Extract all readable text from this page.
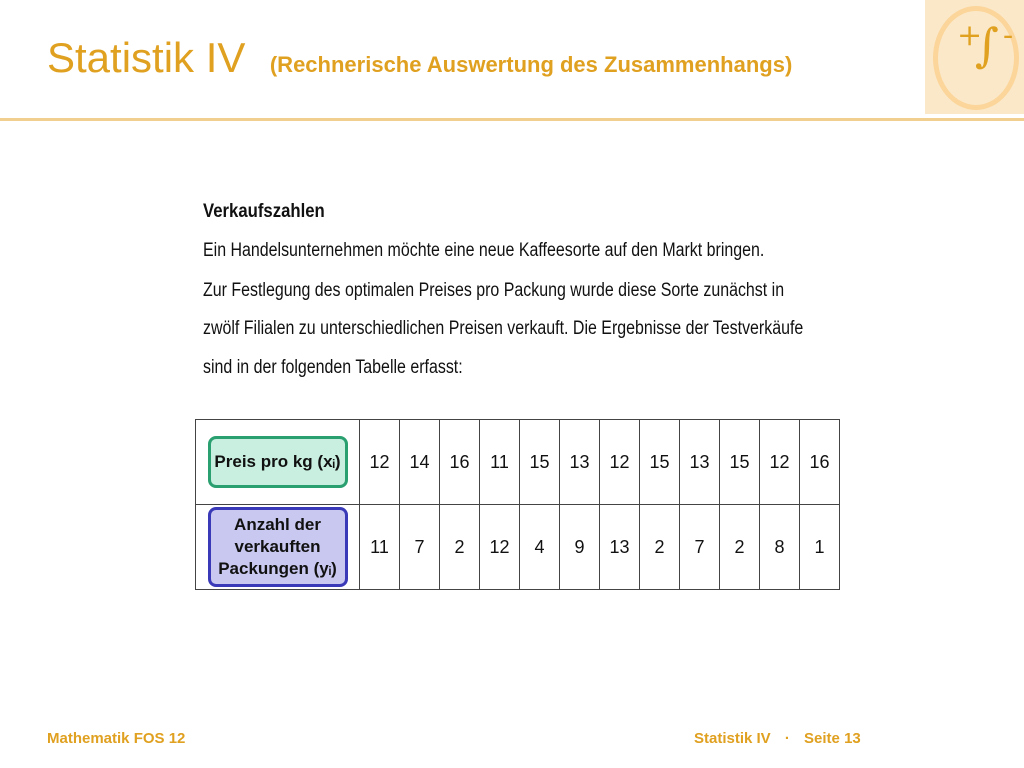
Statistik IV (Rechnerische Auswertung des Zusammenhangs)
+
∫ -
Verkaufszahlen
Ein Handelsunternehmen möchte eine neue Kaffeesorte auf den Markt bringen.
Zur Festlegung des optimalen Preises pro Packung wurde diese Sorte zunächst in
zwölf Filialen zu unterschiedlichen Preisen verkauft. Die Ergebnisse der Testverkäufe
sind in der folgenden Tabelle erfasst:
Preis pro kg (xᵢ)	12	14	16	11	15	13	12	15	13	15	12	16
Anzahl der verkauften Packungen (yᵢ)	11	7	2	12	4	9	13	2	7	2	8	1
Mathematik FOS 12	Statistik IV · Seite 13
